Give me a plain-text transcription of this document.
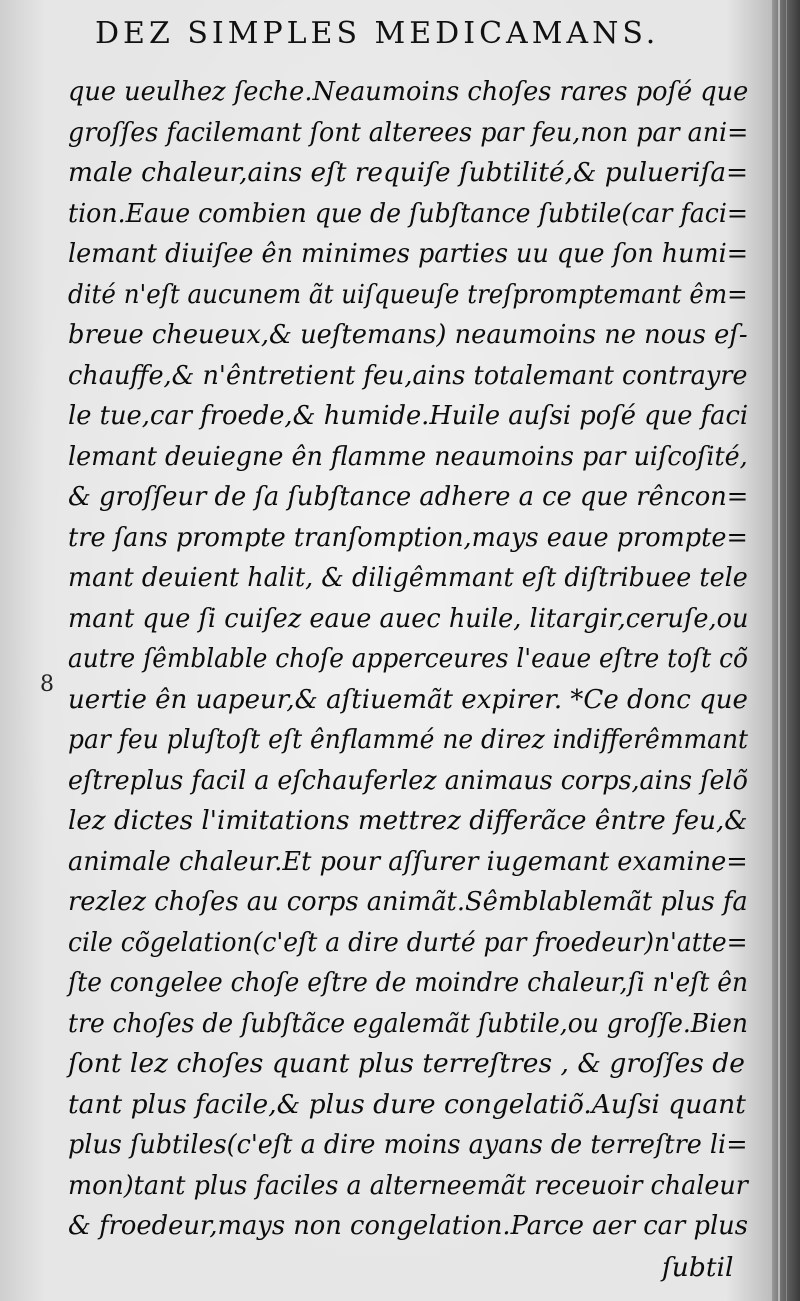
DEZ SIMPLES MEDICAMANS.
8
que ueulhez ſeche.Neaumoins choſes rares poſé que
groſſes facilemant ſont alterees par feu,non par ani=
male chaleur,ains eſt requiſe ſubtilité,& pulueriſa=
tion.Eaue combien que de ſubſtance ſubtile(car faci=
lemant diuiſee ên minimes parties uu que ſon humi=
dité n'eſt aucunem ãt uiſqueuſe treſpromptemant êm=
breue cheueux,& ueſtemans) neaumoins ne nous eſ-
chauffe,& n'êntretient feu,ains totalemant contrayre
le tue,car froede,& humide.Huile auſsi poſé que faci
lemant deuiegne ên flamme neaumoins par uiſcoſité,
& groſſeur de ſa ſubſtance adhere a ce que rêncon=
tre ſans prompte tranſomption,mays eaue prompte=
mant deuient halit, & diligêmmant eſt diſtribuee tele
mant que ſi cuiſez eaue auec huile, litargir,ceruſe,ou
autre ſêmblable choſe apperceures l'eaue eſtre toſt cõ
uertie ên uapeur,& aſtiuemãt expirer. *Ce donc que
par feu pluſtoſt eſt ênflammé ne direz indifferêmmant
eſtreplus facil a eſchauferlez animaus corps,ains ſelõ
lez dictes l'imitations mettrez differãce êntre feu,&
animale chaleur.Et pour aſſurer iugemant examine=
rezlez choſes au corps animãt.Sêmblablemãt plus fa
cile cõgelation(c'eſt a dire durté par froedeur)n'atte=
ſte congelee choſe eſtre de moindre chaleur,ſi n'eſt ên
tre choſes de ſubſtãce egalemãt ſubtile,ou groſſe.Bien
ſont lez choſes quant plus terreſtres , & groſſes de
tant plus facile,& plus dure congelatiõ.Auſsi quant
plus ſubtiles(c'eſt a dire moins ayans de terreſtre li=
mon)tant plus faciles a alterneemãt receuoir chaleur
& froedeur,mays non congelation.Parce aer car plus
ſubtil
